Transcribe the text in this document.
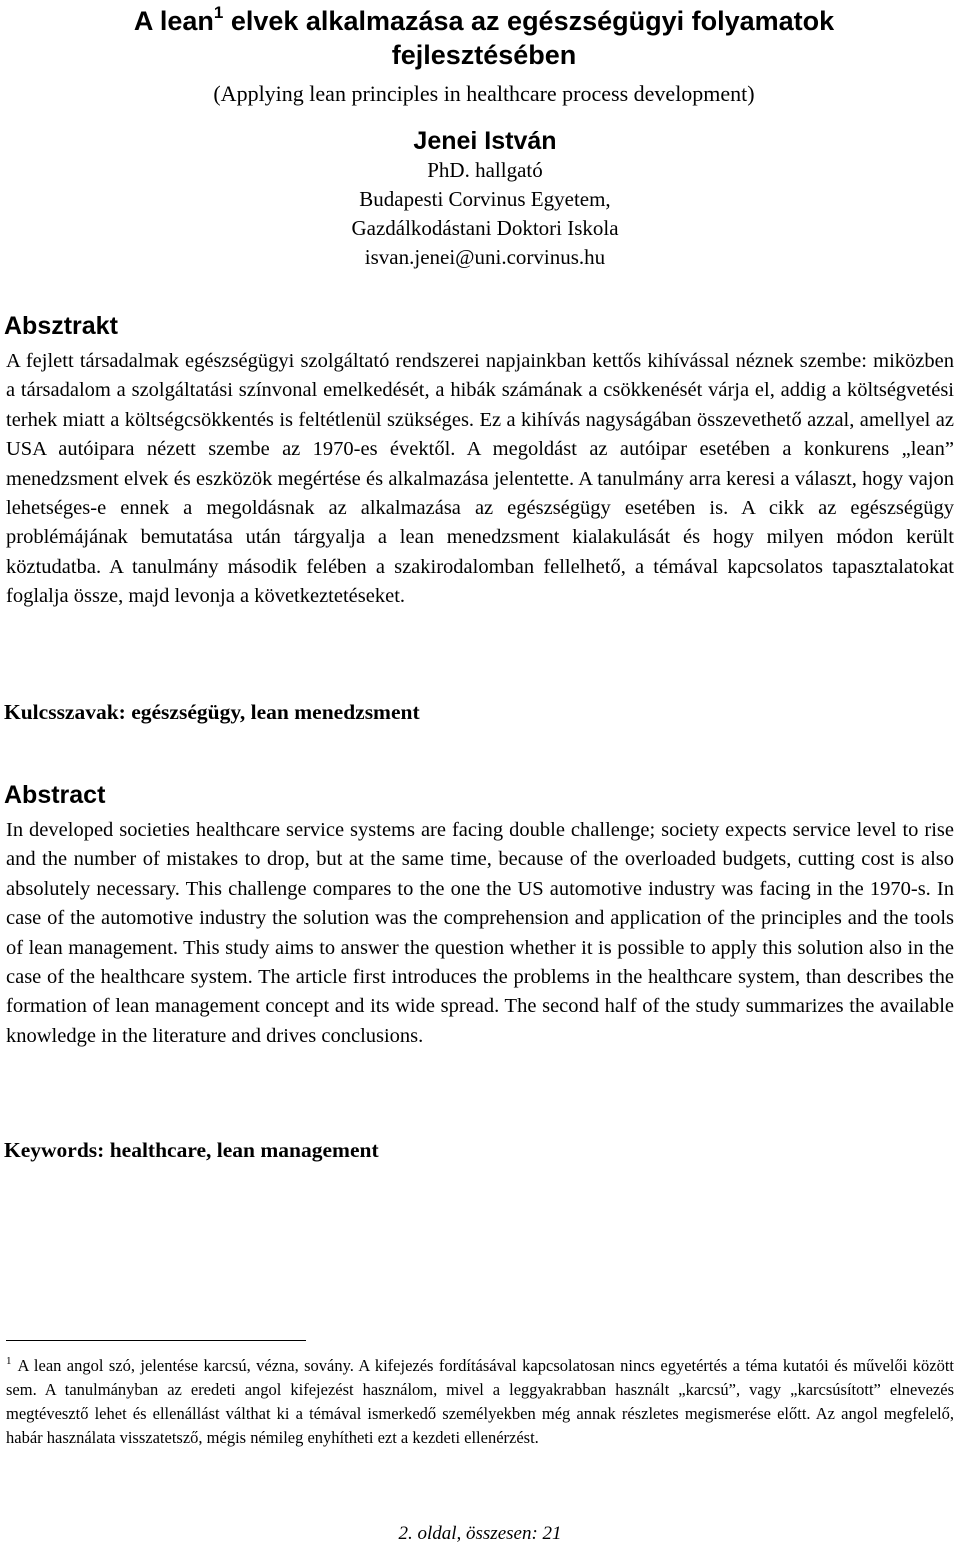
A lean$^1$ elvek alkalmazása az egészségügyi folyamatok
fejlesztésében
(Applying lean principles in healthcare process development)
Jenei István
PhD. hallgató
Budapesti Corvinus Egyetem,
Gazdálkodástani Doktori Iskola
isvan.jenei@uni.corvinus.hu
Absztrakt

A fejlett társadalmak egészségügyi szolgáltató rendszerei napjainkban kettős kihívással néznek szembe: miközben a társadalom a szolgáltatási színvonal emelkedését, a hibák számának a csökkenését várja el, addig a költségvetési terhek miatt a költségcsökkentés is feltétlenül szükséges. Ez a kihívás nagyságában összevethető azzal, amellyel az USA autóipara nézett szembe az 1970-es évektől. A megoldást az autóipar esetében a konkurens „lean” menedzsment elvek és eszközök megértése és alkalmazása jelentette. A tanulmány arra keresi a választ, hogy vajon lehetséges-e ennek a megoldásnak az alkalmazása az egészségügy esetében is. A cikk az egészségügy problémájának bemutatása után tárgyalja a lean menedzsment kialakulását és hogy milyen módon került köztudatba. A tanulmány második felében a szakirodalomban fellelhető, a témával kapcsolatos tapasztalatokat foglalja össze, majd levonja a következtetéseket.

Kulcsszavak: egészségügy, lean menedzsment

Abstract

In developed societies healthcare service systems are facing double challenge; society expects service level to rise and the number of mistakes to drop, but at the same time, because of the overloaded budgets, cutting cost is also absolutely necessary. This challenge compares to the one the US automotive industry was facing in the 1970-s. In case of the automotive industry the solution was the comprehension and application of the principles and the tools of lean management. This study aims to answer the question whether it is possible to apply this solution also in the case of the healthcare system. The article first introduces the problems in the healthcare system, than describes the formation of lean management concept and its wide spread. The second half of the study summarizes the available knowledge in the literature and drives conclusions.

Keywords: healthcare, lean management

$^1$ A lean angol szó, jelentése karcsú, vézna, sovány. A kifejezés fordításával kapcsolatosan nincs egyetértés a téma kutatói és művelői között sem. A tanulmányban az eredeti angol kifejezést használom, mivel a leggyakrabban használt „karcsú”, vagy „karcsúsított” elnevezés megtévesztő lehet és ellenállást válthat ki a témával ismerkedő személyekben még annak részletes megismerése előtt. Az angol megfelelő, habár használata visszatetsző, mégis némileg enyhítheti ezt a kezdeti ellenérzést.

2. oldal, összesen: 21
